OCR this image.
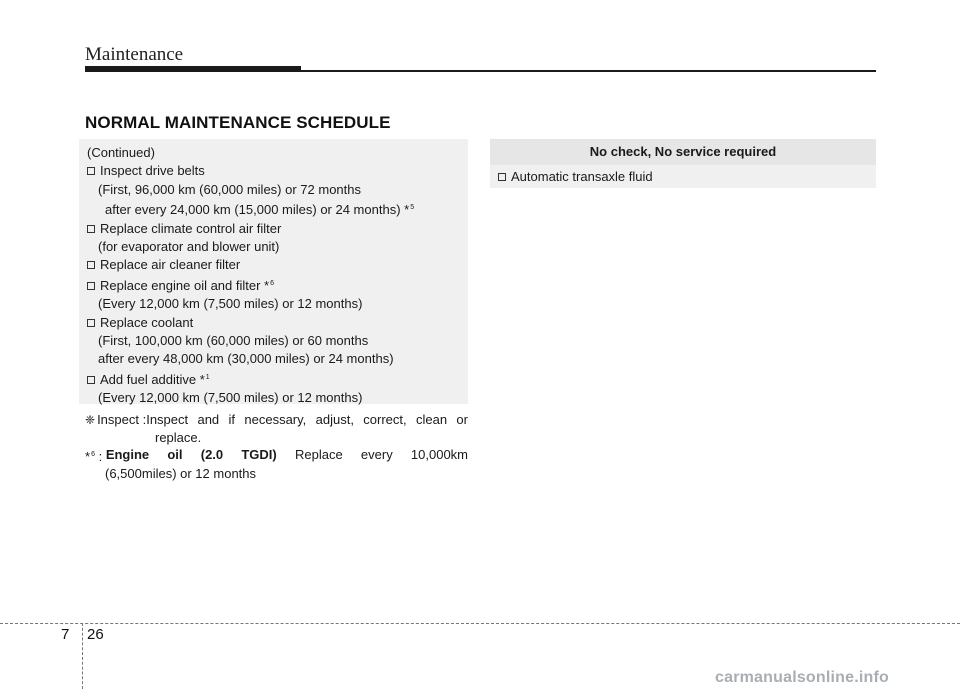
Maintenance
NORMAL MAINTENANCE SCHEDULE
(Continued)
Inspect drive belts
(First, 96,000 km (60,000 miles) or 72 months
after every 24,000 km (15,000 miles) or 24 months) *$^5$
Replace climate control air filter
(for evaporator and blower unit)
Replace air cleaner filter
Replace engine oil and filter *$^6$
(Every 12,000 km (7,500 miles) or 12 months)
Replace coolant
(First, 100,000 km (60,000 miles) or 60 months
after every 48,000 km (30,000 miles) or 24 months)
Add fuel additive *$^1$
(Every 12,000 km (7,500 miles) or 12 months)
❈ Inspect : Inspect and if necessary, adjust, correct, clean or
replace.
*$^6$ : Engine oil (2.0 TGDI) Replace every 10,000km
(6,500miles) or 12 months
No check, No service required
Automatic transaxle fluid
7 26
carmanualsonline.info
